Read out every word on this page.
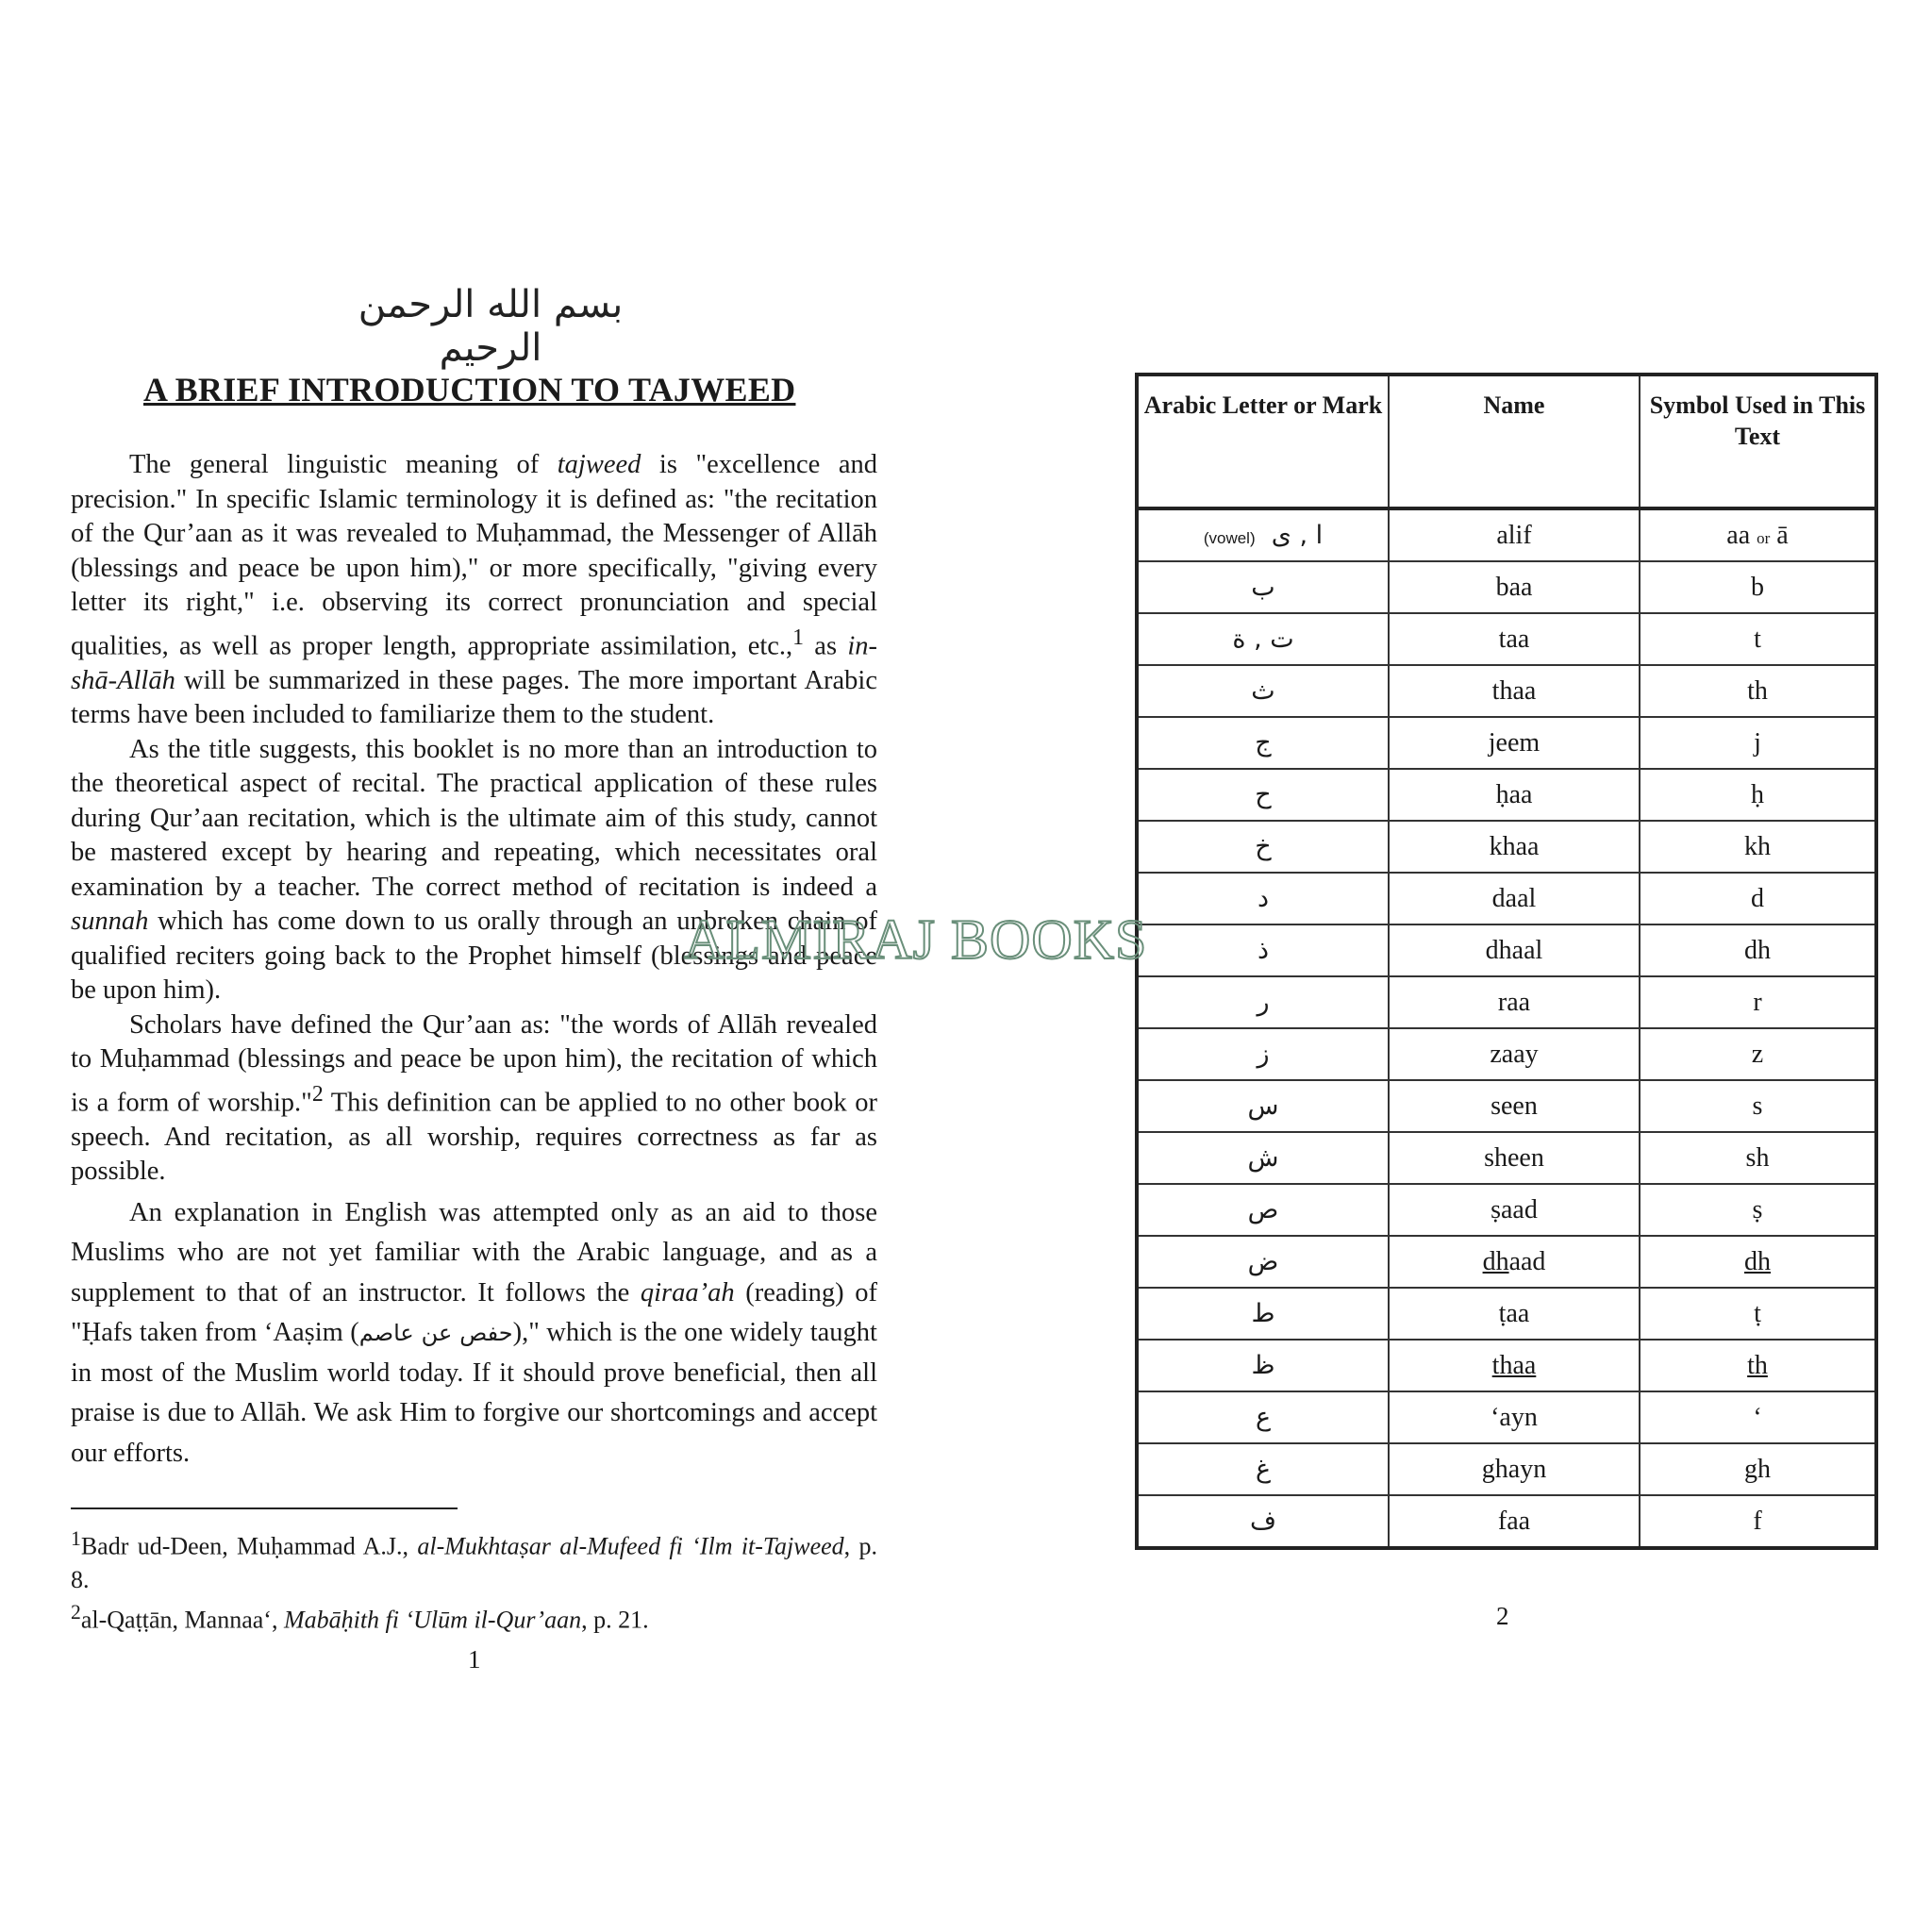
بسم الله الرحمن الرحيم
A BRIEF INTRODUCTION TO TAJWEED

The general linguistic meaning of tajweed is "excellence and precision." In specific Islamic terminology it is defined as: "the recitation of the Qur’aan as it was revealed to Muḥammad, the Messenger of Allāh (blessings and peace be upon him)," or more specifically, "giving every letter its right," i.e. observing its correct pronunciation and special qualities, as well as proper length, appropriate assimilation, etc.,$^1$ as in-shā-Allāh will be summarized in these pages. The more important Arabic terms have been included to familiarize them to the student.

As the title suggests, this booklet is no more than an introduction to the theoretical aspect of recital. The practical application of these rules during Qur’aan recitation, which is the ultimate aim of this study, cannot be mastered except by hearing and repeating, which necessitates oral examination by a teacher. The correct method of recitation is indeed a sunnah which has come down to us orally through an unbroken chain of qualified reciters going back to the Prophet himself (blessings and peace be upon him).

Scholars have defined the Qur’aan as: "the words of Allāh revealed to Muḥammad (blessings and peace be upon him), the recitation of which is a form of worship."$^2$ This definition can be applied to no other book or speech. And recitation, as all worship, requires correctness as far as possible.

An explanation in English was attempted only as an aid to those Muslims who are not yet familiar with the Arabic language, and as a supplement to that of an instructor. It follows the qiraa’ah (reading) of "Ḥafs taken from ‘Aaṣim (حفص عن عاصم)," which is the one widely taught in most of the Muslim world today. If it should prove beneficial, then all praise is due to Allāh. We ask Him to forgive our shortcomings and accept our efforts.

$^1$Badr ud-Deen, Muḥammad A.J., al-Mukhtaṣar al-Mufeed fi ‘Ilm it-Tajweed, p. 8.

$^2$al-Qaṭṭān, Mannaa‘, Mabāḥith fi ‘Ulūm il-Qur’aan, p. 21.

1
Arabic Letter or Mark	Name	Symbol Used in This Text
ا , ى  (vowel)	alif	aa or ā
ب	baa	b
ت , ة	taa	t
ث	thaa	th
ج	jeem	j
ح	ḥaa	ḥ
خ	khaa	kh
د	daal	d
ذ	dhaal	dh
ر	raa	r
ز	zaay	z
س	seen	s
ش	sheen	sh
ص	ṣaad	ṣ
ض	dhaad	dh
ط	ṭaa	ṭ
ظ	thaa	th
ع	‘ayn	‘
غ	ghayn	gh
ف	faa	f
2
ALMIRAJ BOOKS
